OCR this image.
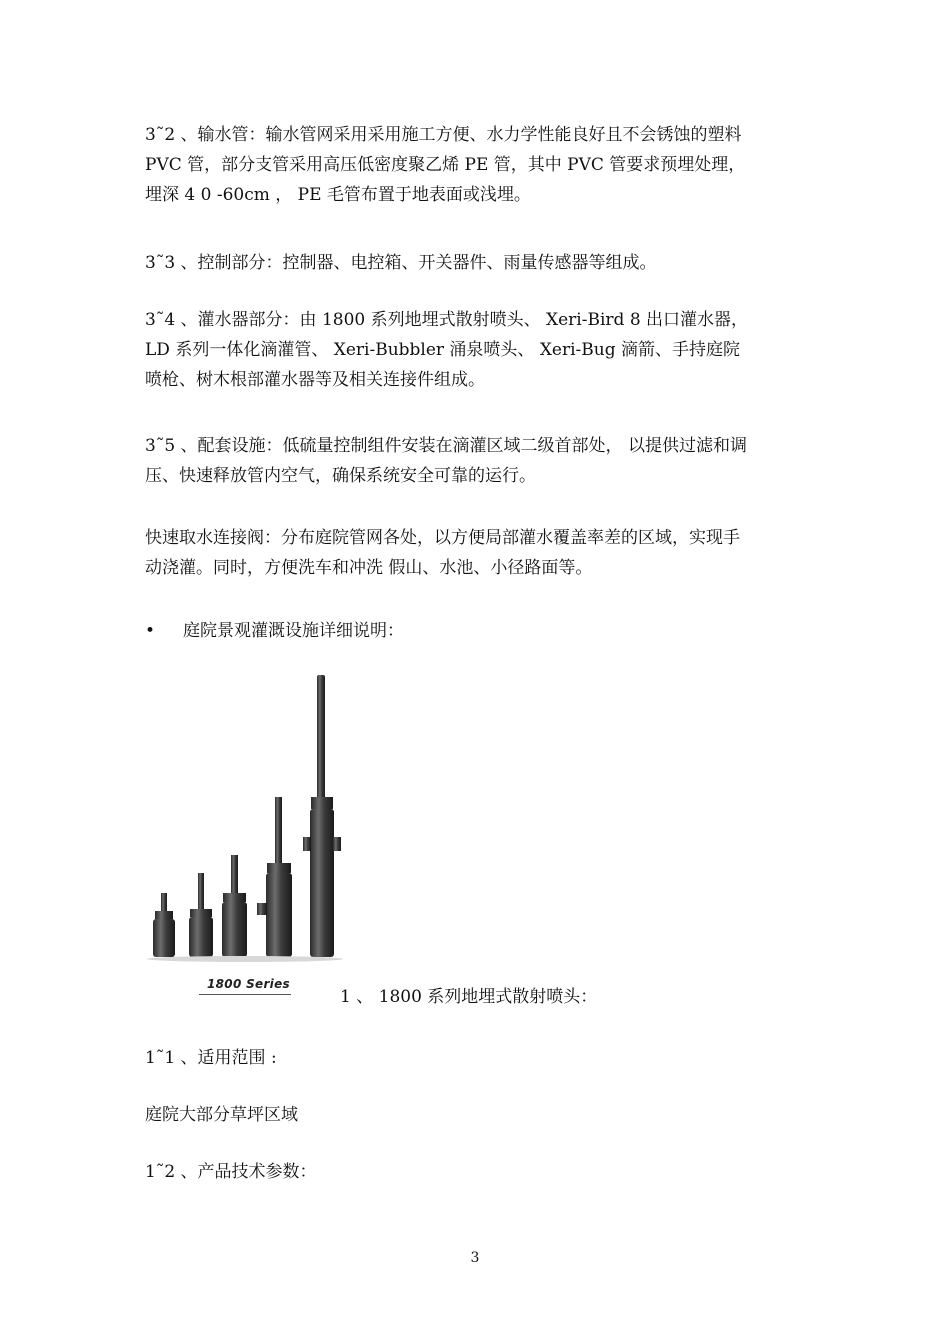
3˜2 、输水管：输水管网采用采用施工方便、水力学性能良好且不会锈蚀的塑料
PVC 管，部分支管采用高压低密度聚乙烯 PE 管，其中 PVC 管要求预埋处理，
埋深 4 0 -60cm ， PE 毛管布置于地表面或浅埋。

3˜3 、控制部分：控制器、电控箱、开关器件、雨量传感器等组成。

3˜4 、灌水器部分：由 1800 系列地埋式散射喷头、 Xeri-Bird 8 出口灌水器，
LD 系列一体化滴灌管、 Xeri-Bubbler 涌泉喷头、 Xeri-Bug 滴箭、手持庭院
喷枪、树木根部灌水器等及相关连接件组成。

3˜5 、配套设施：低硫量控制组件安装在滴灌区域二级首部处， 以提供过滤和调
压、快速释放管内空气，确保系统安全可靠的运行。

快速取水连接阀：分布庭院管网各处，以方便局部灌水覆盖率差的区域，实现手
动浇灌。同时，方便洗车和冲洗 假山、水池、小径路面等。

• 庭院景观灌溉设施详细说明：
1800 Series
1 、 1800 系列地埋式散射喷头：

1˜1 、适用范围 :

庭院大部分草坪区域

1˜2 、产品技术参数：

3
